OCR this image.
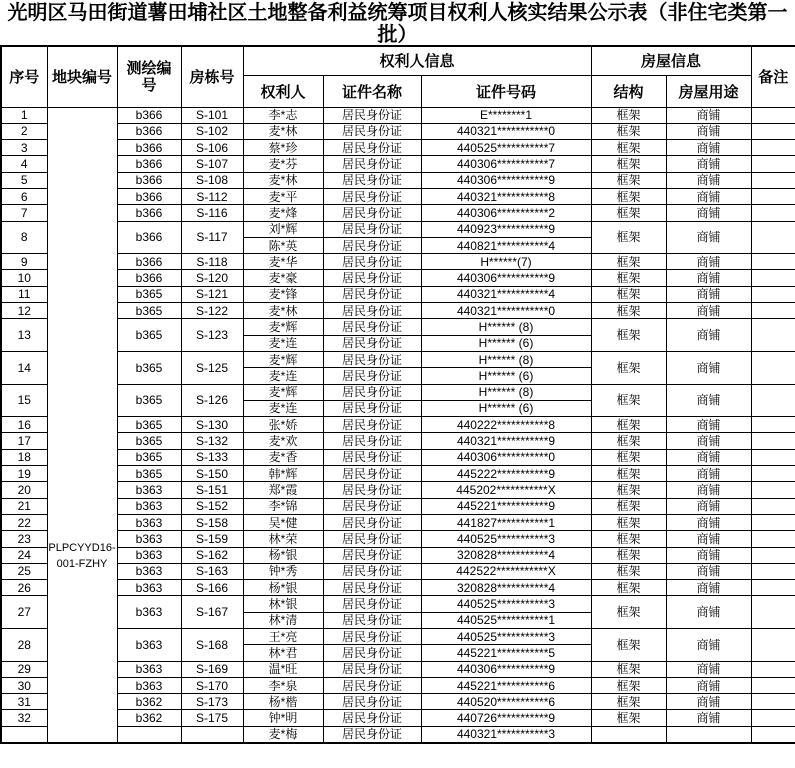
光明区马田街道薯田埔社区土地整备利益统筹项目权利人核实结果公示表（非住宅类第一
批）
序号	地块编号	测绘编号	房栋号	权利人信息			房屋信息		备注
				权利人	证件名称	证件号码	结构	房屋用途	
1	PLPCYYD16-001-FZHY	b366	S-101	李*志	居民身份证	E********1	框架	商铺	
2		b366	S-102	麦*林	居民身份证	440321***********0	框架	商铺	
3		b366	S-106	蔡*珍	居民身份证	440525***********7	框架	商铺	
4		b366	S-107	麦*芬	居民身份证	440306***********7	框架	商铺	
5		b366	S-108	麦*林	居民身份证	440306***********9	框架	商铺	
6		b366	S-112	麦*平	居民身份证	440321***********8	框架	商铺	
7		b366	S-116	麦*烽	居民身份证	440306***********2	框架	商铺	
8		b366	S-117	刘*辉	居民身份证	440923***********9	框架	商铺	
				陈*英	居民身份证	440821***********4			
9		b366	S-118	麦*华	居民身份证	H******(7)	框架	商铺	
10		b366	S-120	麦*豪	居民身份证	440306***********9	框架	商铺	
11		b365	S-121	麦*锋	居民身份证	440321***********4	框架	商铺	
12		b365	S-122	麦*林	居民身份证	440321***********0	框架	商铺	
13		b365	S-123	麦*辉	居民身份证	H****** (8)	框架	商铺	
				麦*连	居民身份证	H****** (6)			
14		b365	S-125	麦*辉	居民身份证	H****** (8)	框架	商铺	
				麦*连	居民身份证	H****** (6)			
15		b365	S-126	麦*辉	居民身份证	H****** (8)	框架	商铺	
				麦*连	居民身份证	H****** (6)			
16		b365	S-130	张*娇	居民身份证	440222***********8	框架	商铺	
17		b365	S-132	麦*欢	居民身份证	440321***********9	框架	商铺	
18		b365	S-133	麦*香	居民身份证	440306***********0	框架	商铺	
19		b365	S-150	韩*辉	居民身份证	445222***********9	框架	商铺	
20		b363	S-151	郑*霞	居民身份证	445202***********X	框架	商铺	
21		b363	S-152	李*锦	居民身份证	445221***********9	框架	商铺	
22		b363	S-158	吴*健	居民身份证	441827***********1	框架	商铺	
23		b363	S-159	林*荣	居民身份证	440525***********3	框架	商铺	
24		b363	S-162	杨*银	居民身份证	320828***********4	框架	商铺	
25		b363	S-163	钟*秀	居民身份证	442522***********X	框架	商铺	
26		b363	S-166	杨*银	居民身份证	320828***********4	框架	商铺	
27		b363	S-167	林*银	居民身份证	440525***********3	框架	商铺	
				林*清	居民身份证	440525***********1			
28		b363	S-168	王*亮	居民身份证	440525***********3	框架	商铺	
				林*君	居民身份证	445221***********5			
29		b363	S-169	温*旺	居民身份证	440306***********9	框架	商铺	
30		b363	S-170	李*泉	居民身份证	445221***********6	框架	商铺	
31		b362	S-173	杨*楷	居民身份证	440520***********6	框架	商铺	
32		b362	S-175	钟*明	居民身份证	440726***********9	框架	商铺	
				麦*梅	居民身份证	440321***********3			
